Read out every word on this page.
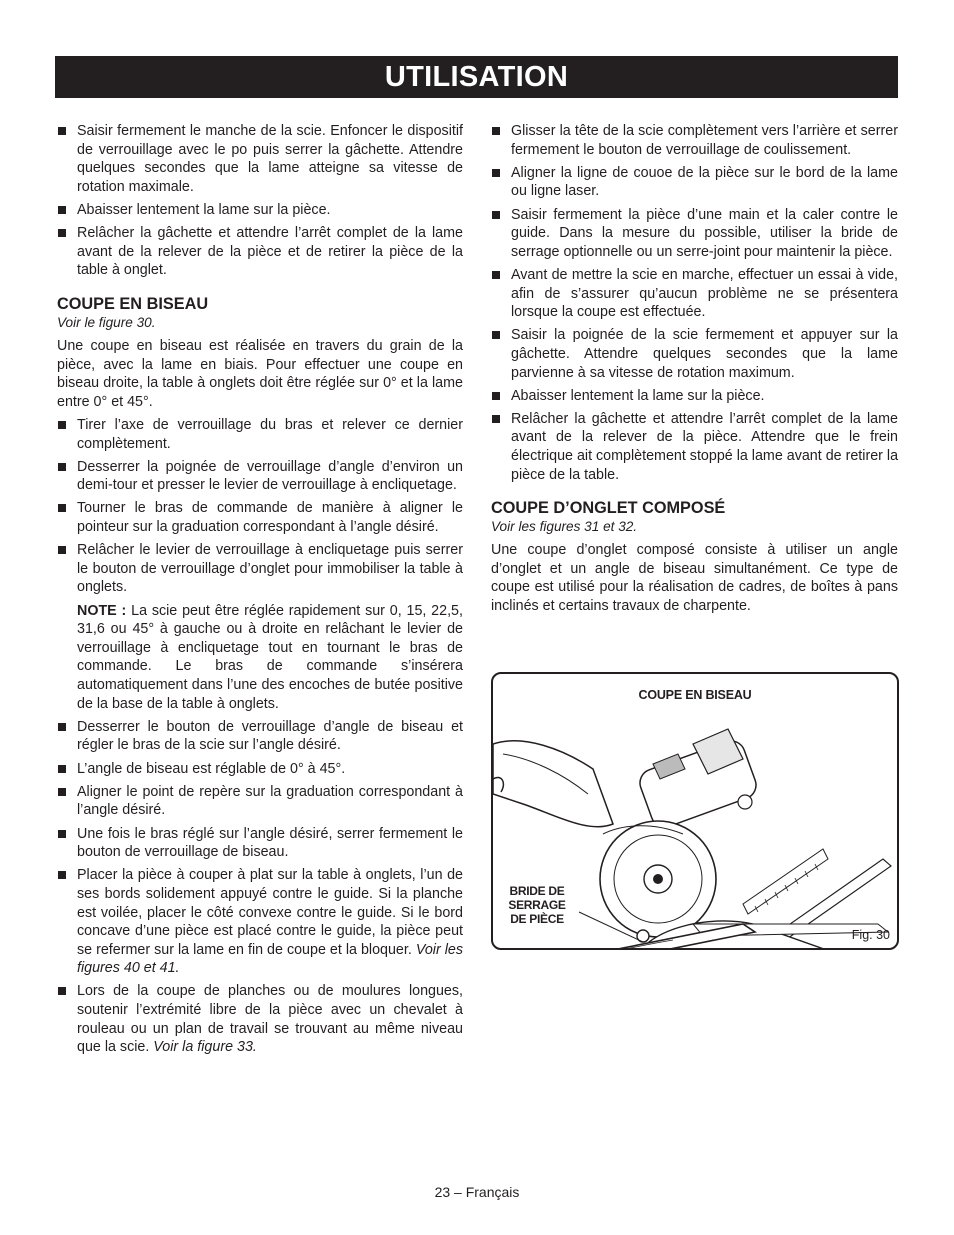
UTILISATION
Saisir fermement le manche de la scie. Enfoncer le dispositif de verrouillage avec le po puis serrer la gâchette. Attendre quelques secondes que la lame atteigne sa vitesse de rotation maximale.
Abaisser lentement la lame sur la pièce.
Relâcher la gâchette et attendre l’arrêt complet de la lame avant de la relever de la pièce et de retirer la pièce de la table à onglet.
COUPE EN BISEAU
Voir le figure 30.

Une coupe en biseau est réalisée en travers du grain de la pièce, avec la lame en biais. Pour effectuer une coupe en biseau droite, la table à onglets doit être réglée sur 0° et la lame entre 0° et 45°.

Tirer l’axe de verrouillage du bras et relever ce dernier complètement.
Desserrer la poignée de verrouillage d’angle d’environ un demi-tour et presser le levier de verrouillage à encliquetage.
Tourner le bras de commande de manière à aligner le pointeur sur la graduation correspondant à l’angle désiré.
Relâcher le levier de verrouillage à encliquetage puis serrer le bouton de verrouillage d’onglet pour immobiliser la table à onglets.
NOTE : La scie peut être réglée rapidement sur 0, 15, 22,5, 31,6 ou 45° à gauche ou à droite en relâchant le levier de verrouillage à encliquetage tout en tournant le bras de commande. Le bras de commande s’insérera automatiquement dans l’une des encoches de butée positive de la base de la table à onglets.
Desserrer le bouton de verrouillage d’angle de biseau et régler le bras de la scie sur l’angle désiré.
L’angle de biseau est réglable de 0° à 45°.
Aligner le point de repère sur la graduation correspondant à l’angle désiré.
Une fois le bras réglé sur l’angle désiré, serrer fermement le bouton de verrouillage de biseau.
Placer la pièce à couper à plat sur la table à onglets, l’un de ses bords solidement appuyé contre le guide. Si la planche est voilée, placer le côté convexe contre le guide. Si le bord concave d’une pièce est placé contre le guide, la pièce peut se refermer sur la lame en fin de coupe et la bloquer. Voir les figures 40 et 41.
Lors de la coupe de planches ou de moulures longues, soutenir l’extrémité libre de la pièce avec un chevalet à rouleau ou un plan de travail se trouvant au même niveau que la scie. Voir la figure 33.
Glisser la tête de la scie complètement vers l’arrière et serrer fermement le bouton de verrouillage de coulissement.
Aligner la ligne de couoe de la pièce sur le bord de la lame ou ligne laser.
Saisir fermement la pièce d’une main et la caler contre le guide. Dans la mesure du possible, utiliser la bride de serrage optionnelle ou un serre-joint pour maintenir la pièce.
Avant de mettre la scie en marche, effectuer un essai à vide, afin de s’assurer qu’aucun problème ne se présentera lorsque la coupe est effectuée.
Saisir la poignée de la scie fermement et appuyer sur la gâchette. Attendre quelques secondes que la lame parvienne à sa vitesse de rotation maximum.
Abaisser lentement la lame sur la pièce.
Relâcher la gâchette et attendre l’arrêt complet de la lame avant de la relever de la pièce. Attendre que le frein électrique ait complètement stoppé la lame avant de retirer la pièce de la table.
COUPE D’ONGLET COMPOSÉ
Voir les figures 31 et 32.

Une coupe d’onglet composé consiste à utiliser un angle d’onglet et un angle de biseau simultanément. Ce type de coupe est utilisé pour la réalisation de cadres, de boîtes à pans inclinés et certains travaux de charpente.

COUPE EN BISEAU
BRIDE DE
SERRAGE
DE PIÈCE
Fig. 30
23 – Français
